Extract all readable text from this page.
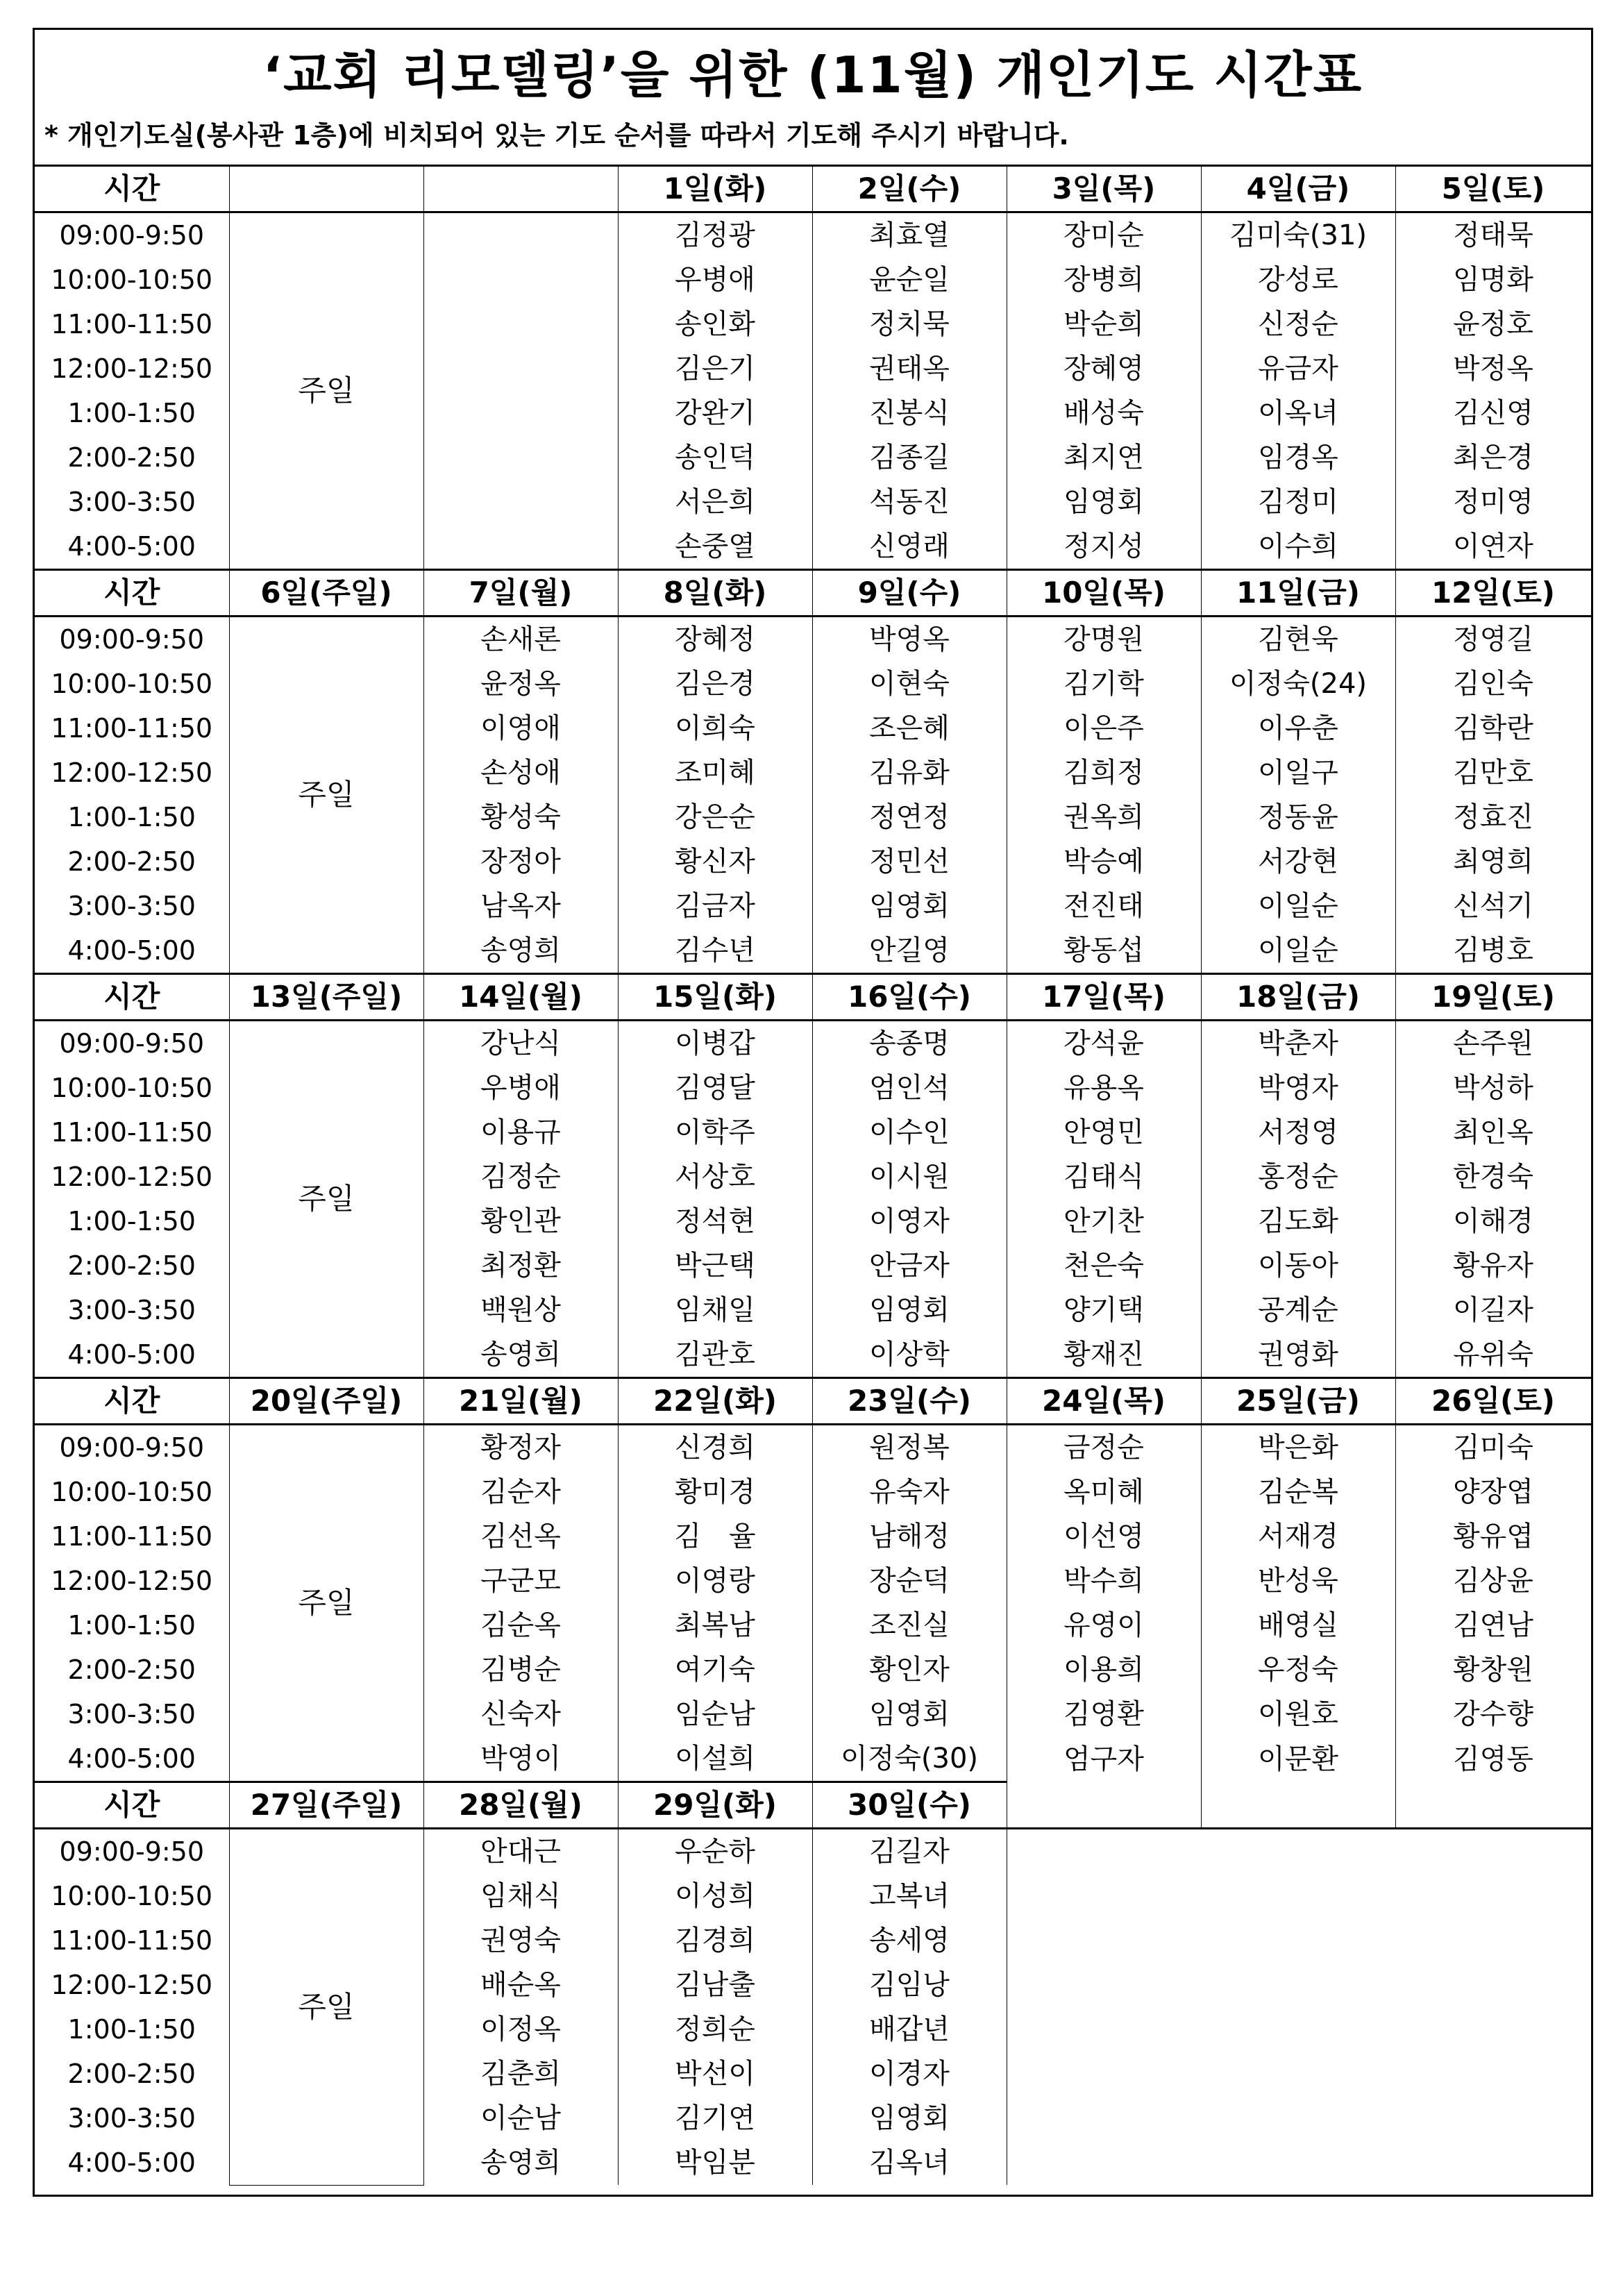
‘교회 리모델링’을 위한 (11월) 개인기도 시간표
* 개인기도실(봉사관 1층)에 비치되어 있는 기도 순서를 따라서 기도해 주시기 바랍니다.
시간			1일(화)	2일(수)	3일(목)	4일(금)	5일(토)
09:00-9:50	주일		김정광	최효열	장미순	김미숙(31)	정태묵
10:00-10:50			우병애	윤순일	장병희	강성로	임명화
11:00-11:50			송인화	정치묵	박순희	신정순	윤정호
12:00-12:50			김은기	권태옥	장혜영	유금자	박정옥
1:00-1:50			강완기	진봉식	배성숙	이옥녀	김신영
2:00-2:50			송인덕	김종길	최지연	임경옥	최은경
3:00-3:50			서은희	석동진	임영회	김정미	정미영
4:00-5:00			손중열	신영래	정지성	이수희	이연자
시간	6일(주일)	7일(월)	8일(화)	9일(수)	10일(목)	11일(금)	12일(토)
09:00-9:50	주일	손새론	장혜정	박영옥	강명원	김현욱	정영길
10:00-10:50		윤정옥	김은경	이현숙	김기학	이정숙(24)	김인숙
11:00-11:50		이영애	이희숙	조은혜	이은주	이우춘	김학란
12:00-12:50		손성애	조미혜	김유화	김희정	이일구	김만호
1:00-1:50		황성숙	강은순	정연정	권옥희	정동윤	정효진
2:00-2:50		장정아	황신자	정민선	박승예	서강현	최영희
3:00-3:50		남옥자	김금자	임영회	전진태	이일순	신석기
4:00-5:00		송영희	김수년	안길영	황동섭	이일순	김병호
시간	13일(주일)	14일(월)	15일(화)	16일(수)	17일(목)	18일(금)	19일(토)
09:00-9:50	주일	강난식	이병갑	송종명	강석윤	박춘자	손주원
10:00-10:50		우병애	김영달	엄인석	유용옥	박영자	박성하
11:00-11:50		이용규	이학주	이수인	안영민	서정영	최인옥
12:00-12:50		김정순	서상호	이시원	김태식	홍정순	한경숙
1:00-1:50		황인관	정석현	이영자	안기찬	김도화	이해경
2:00-2:50		최정환	박근택	안금자	천은숙	이동아	황유자
3:00-3:50		백원상	임채일	임영회	양기택	공계순	이길자
4:00-5:00		송영희	김관호	이상학	황재진	권영화	유위숙
시간	20일(주일)	21일(월)	22일(화)	23일(수)	24일(목)	25일(금)	26일(토)
09:00-9:50	주일	황정자	신경희	원정복	금정순	박은화	김미숙
10:00-10:50		김순자	황미경	유숙자	옥미혜	김순복	양장엽
11:00-11:50		김선옥	김　율	남해정	이선영	서재경	황유엽
12:00-12:50		구군모	이영랑	장순덕	박수희	반성욱	김상윤
1:00-1:50		김순옥	최복남	조진실	유영이	배영실	김연남
2:00-2:50		김병순	여기숙	황인자	이용희	우정숙	황창원
3:00-3:50		신숙자	임순남	임영회	김영환	이원호	강수향
4:00-5:00		박영이	이설희	이정숙(30)	엄구자	이문환	김영동
시간	27일(주일)	28일(월)	29일(화)	30일(수)			
09:00-9:50	주일	안대근	우순하	김길자			
10:00-10:50		임채식	이성희	고복녀			
11:00-11:50		권영숙	김경희	송세영			
12:00-12:50		배순옥	김남출	김임낭			
1:00-1:50		이정옥	정희순	배갑년			
2:00-2:50		김춘희	박선이	이경자			
3:00-3:50		이순남	김기연	임영회			
4:00-5:00		송영희	박임분	김옥녀			
